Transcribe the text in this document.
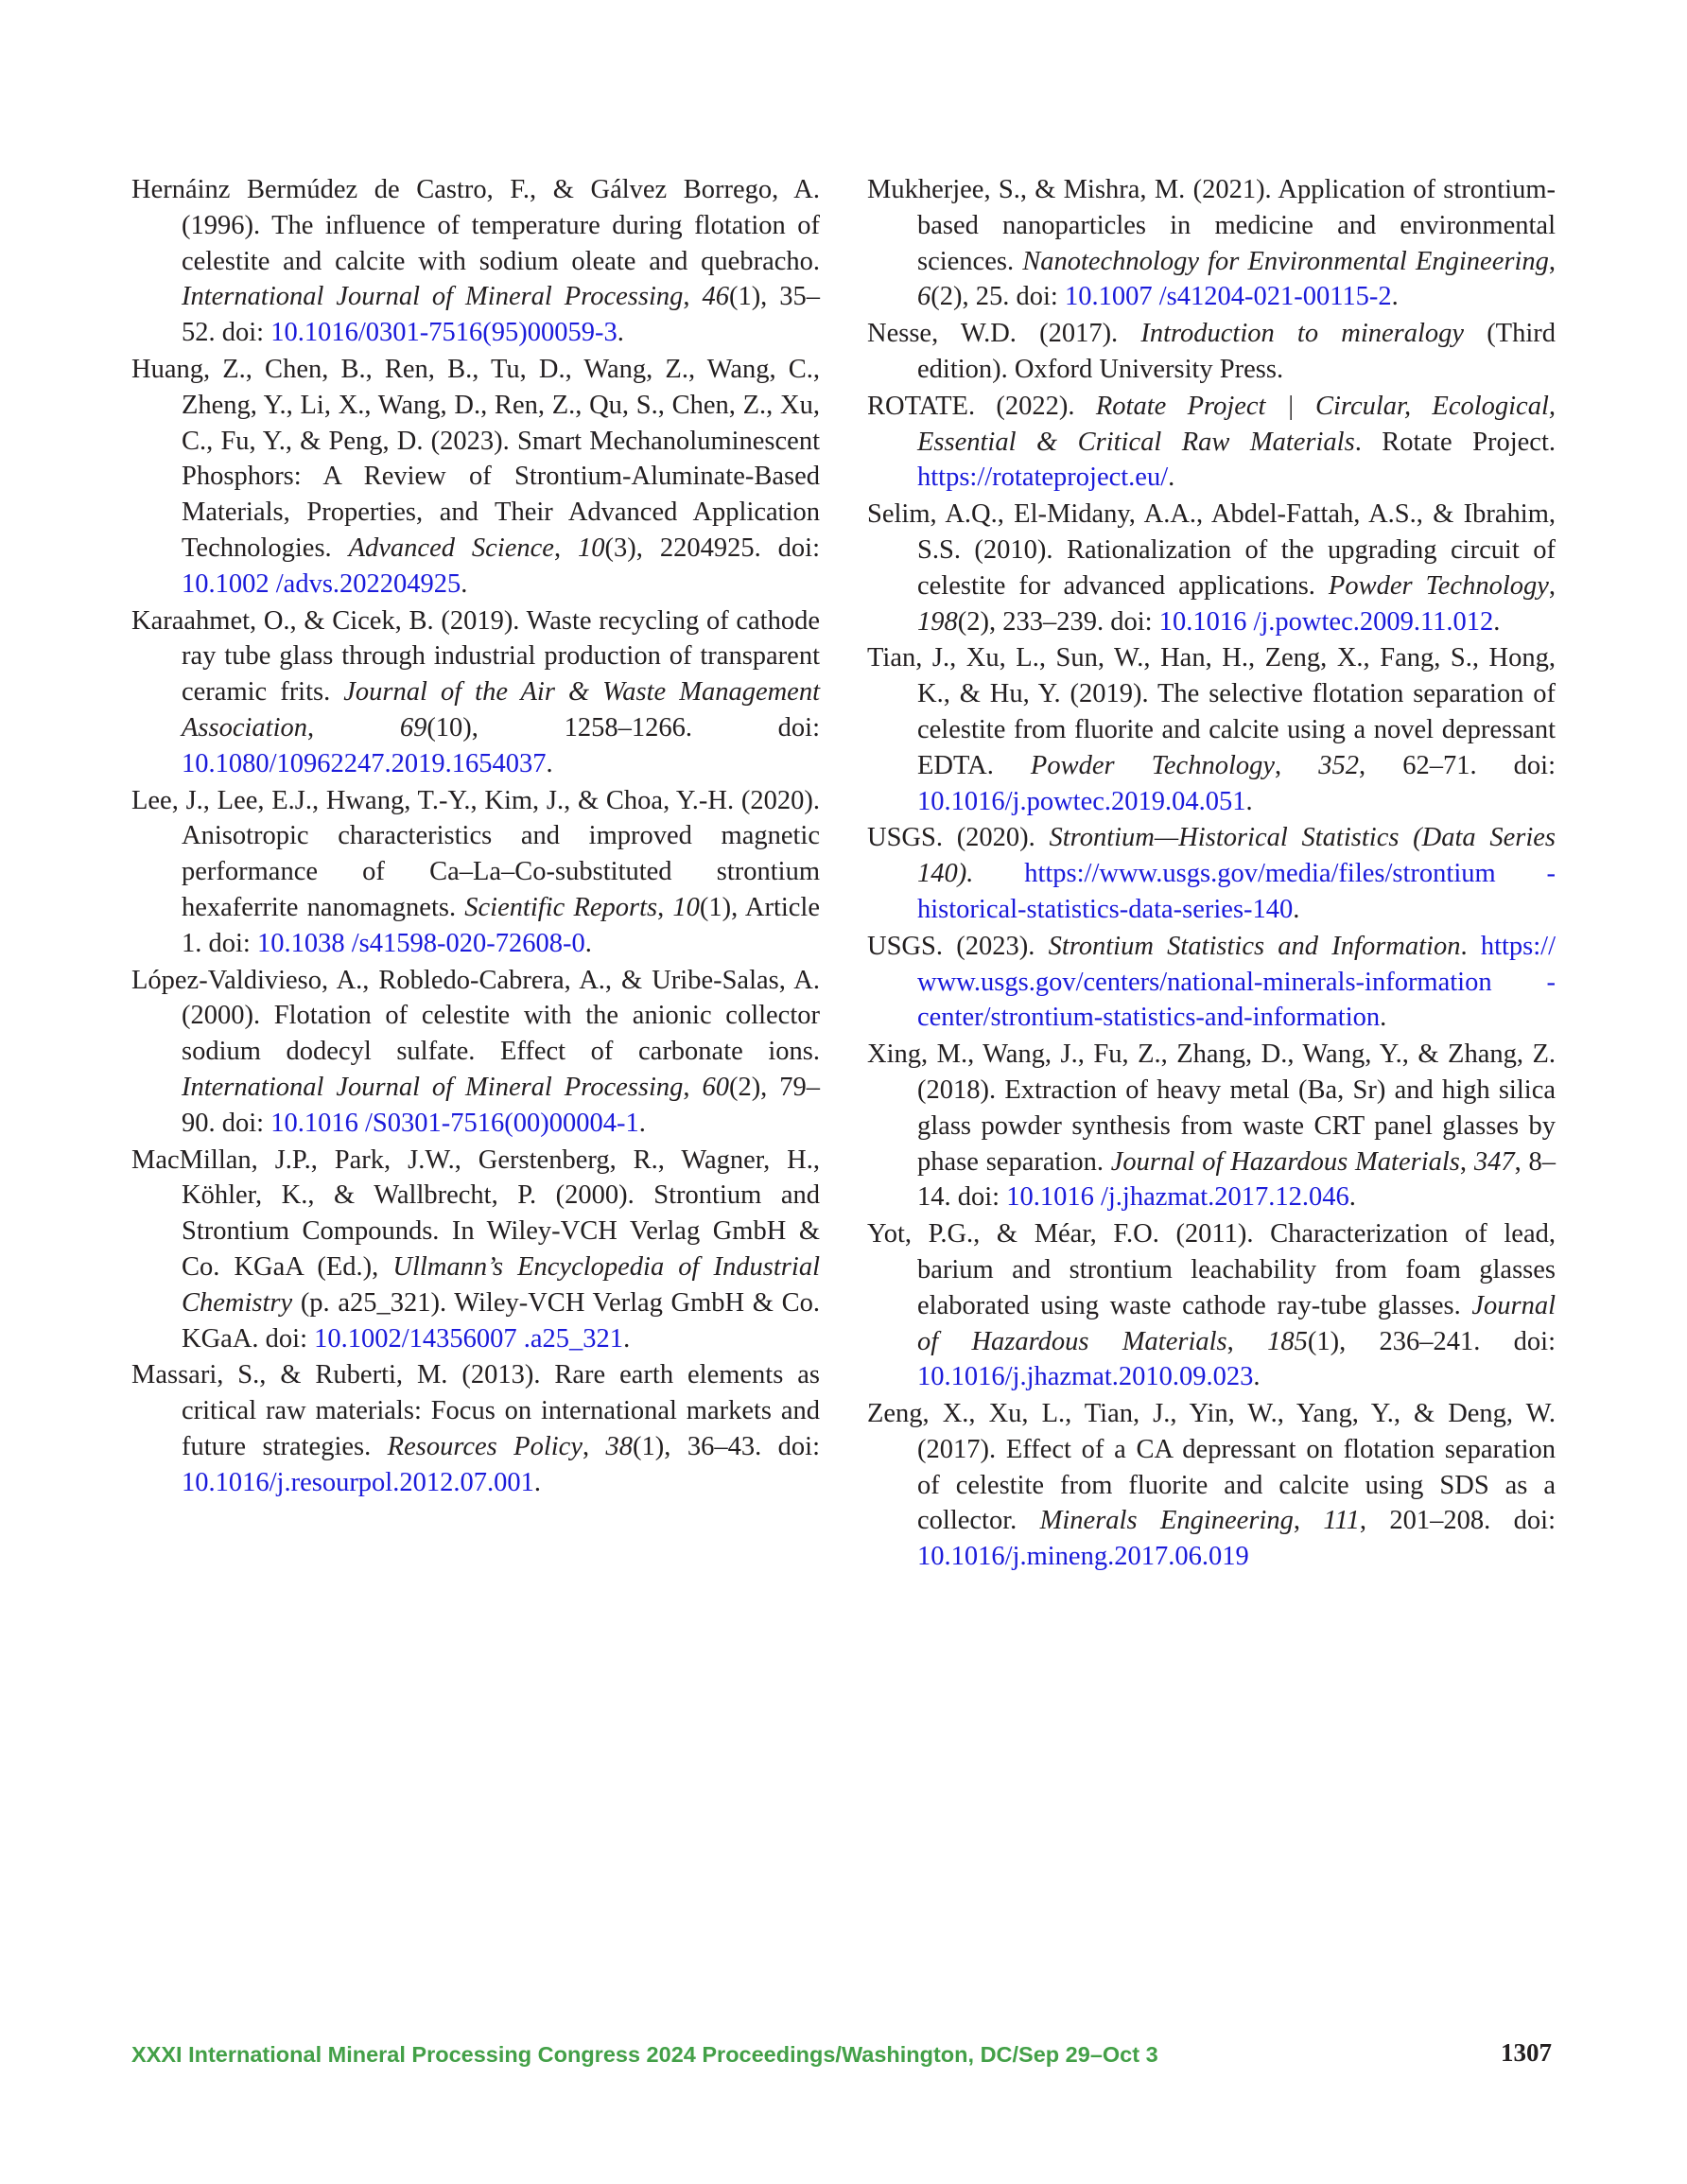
Hernáinz Bermúdez de Castro, F., & Gálvez Borrego, A. (1996). The influence of temperature during flotation of celestite and calcite with sodium oleate and quebracho. International Journal of Mineral Processing, 46(1), 35–52. doi: 10.1016/0301-7516(95)00059-3.

Huang, Z., Chen, B., Ren, B., Tu, D., Wang, Z., Wang, C., Zheng, Y., Li, X., Wang, D., Ren, Z., Qu, S., Chen, Z., Xu, C., Fu, Y., & Peng, D. (2023). Smart Mechanoluminescent Phosphors: A Review of Strontium-Aluminate-Based Materials, Properties, and Their Advanced Application Technologies. Advanced Science, 10(3), 2204925. doi: 10.1002 /advs.202204925.

Karaahmet, O., & Cicek, B. (2019). Waste recycling of cathode ray tube glass through industrial production of transparent ceramic frits. Journal of the Air & Waste Management Association, 69(10), 1258–1266. doi: 10.1080/10962247.2019.1654037.

Lee, J., Lee, E.J., Hwang, T.-Y., Kim, J., & Choa, Y.-H. (2020). Anisotropic characteristics and improved magnetic performance of Ca–La–Co-substituted strontium hexaferrite nanomagnets. Scientific Reports, 10(1), Article 1. doi: 10.1038 /s41598-020-72608-0.

López-Valdivieso, A., Robledo-Cabrera, A., & Uribe-Salas, A. (2000). Flotation of celestite with the anionic collector sodium dodecyl sulfate. Effect of carbonate ions. International Journal of Mineral Processing, 60(2), 79–90. doi: 10.1016 /S0301-7516(00)00004-1.

MacMillan, J.P., Park, J.W., Gerstenberg, R., Wagner, H., Köhler, K., & Wallbrecht, P. (2000). Strontium and Strontium Compounds. In Wiley-VCH Verlag GmbH & Co. KGaA (Ed.), Ullmann’s Encyclopedia of Industrial Chemistry (p. a25_321). Wiley-VCH Verlag GmbH & Co. KGaA. doi: 10.1002/14356007 .a25_321.

Massari, S., & Ruberti, M. (2013). Rare earth elements as critical raw materials: Focus on international markets and future strategies. Resources Policy, 38(1), 36–43. doi: 10.1016/j.resourpol.2012.07.001.

Mukherjee, S., & Mishra, M. (2021). Application of strontium-based nanoparticles in medicine and environmental sciences. Nanotechnology for Environmental Engineering, 6(2), 25. doi: 10.1007 /s41204-021-00115-2.

Nesse, W.D. (2017). Introduction to mineralogy (Third edition). Oxford University Press.

ROTATE. (2022). Rotate Project | Circular, Ecological, Essential & Critical Raw Materials. Rotate Project. https://rotateproject.eu/.

Selim, A.Q., El-Midany, A.A., Abdel-Fattah, A.S., & Ibrahim, S.S. (2010). Rationalization of the upgrading circuit of celestite for advanced applications. Powder Technology, 198(2), 233–239. doi: 10.1016 /j.powtec.2009.11.012.

Tian, J., Xu, L., Sun, W., Han, H., Zeng, X., Fang, S., Hong, K., & Hu, Y. (2019). The selective flotation separation of celestite from fluorite and calcite using a novel depressant EDTA. Powder Technology, 352, 62–71. doi: 10.1016/j.powtec.2019.04.051.

USGS. (2020). Strontium—Historical Statistics (Data Series 140). https://www.usgs.gov/media/files/strontium -historical-statistics-data-series-140.

USGS. (2023). Strontium Statistics and Information. https:// www.usgs.gov/centers/national-minerals-information -center/strontium-statistics-and-information.

Xing, M., Wang, J., Fu, Z., Zhang, D., Wang, Y., & Zhang, Z. (2018). Extraction of heavy metal (Ba, Sr) and high silica glass powder synthesis from waste CRT panel glasses by phase separation. Journal of Hazardous Materials, 347, 8–14. doi: 10.1016 /j.jhazmat.2017.12.046.

Yot, P.G., & Méar, F.O. (2011). Characterization of lead, barium and strontium leachability from foam glasses elaborated using waste cathode ray-tube glasses. Journal of Hazardous Materials, 185(1), 236–241. doi: 10.1016/j.jhazmat.2010.09.023.

Zeng, X., Xu, L., Tian, J., Yin, W., Yang, Y., & Deng, W. (2017). Effect of a CA depressant on flotation separation of celestite from fluorite and calcite using SDS as a collector. Minerals Engineering, 111, 201–208. doi: 10.1016/j.mineng.2017.06.019

XXXI International Mineral Processing Congress 2024 Proceedings/Washington, DC/Sep 29–Oct 3	1307
